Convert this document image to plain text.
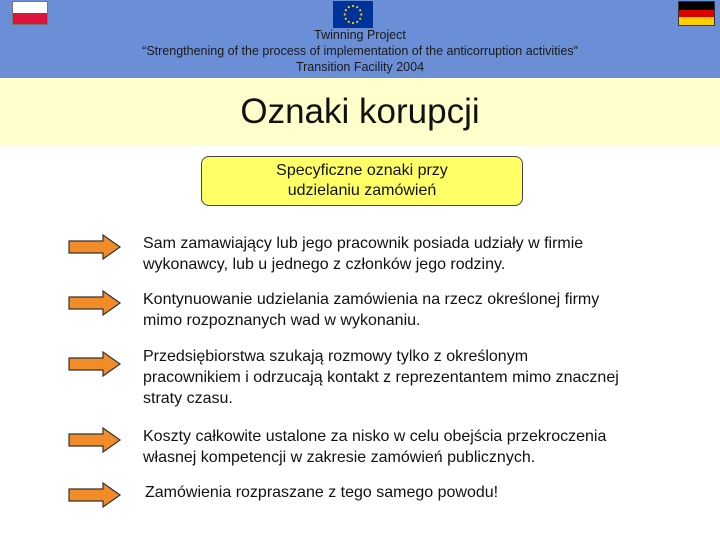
Twinning Project
“Strengthening of the process of implementation of the anticorruption activities”
Transition Facility 2004
Oznaki korupcji
Specyficzne oznaki przy
udzielaniu zamówień
Sam zamawiający lub jego pracownik posiada udziały w firmie
wykonawcy, lub u jednego z członków jego rodziny.
Kontynuowanie udzielania zamówienia na rzecz określonej firmy
mimo rozpoznanych wad w wykonaniu.
Przedsiębiorstwa szukają rozmowy tylko z określonym
pracownikiem i odrzucają kontakt z reprezentantem mimo znacznej
straty czasu.
Koszty całkowite ustalone za nisko w celu obejścia przekroczenia
własnej kompetencji w zakresie zamówień publicznych.
Zamówienia rozpraszane z tego samego powodu!
